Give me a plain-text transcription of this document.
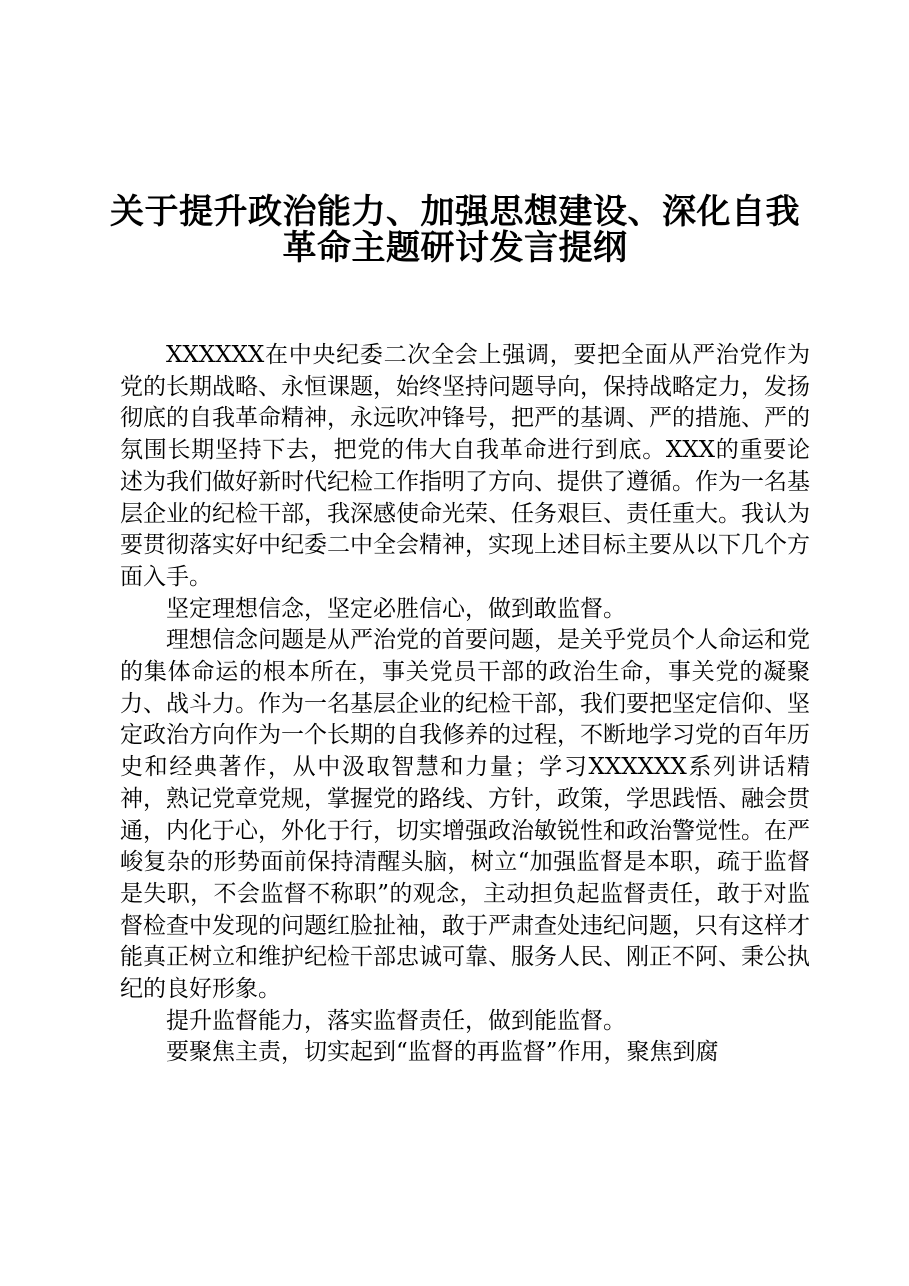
关于提升政治能力、加强思想建设、深化自我
革命主题研讨发言提纲

XXXXXX在中央纪委二次全会上强调，要把全面从严治党作为党的长期战略、永恒课题，始终坚持问题导向，保持战略定力，发扬彻底的自我革命精神，永远吹冲锋号，把严的基调、严的措施、严的氛围长期坚持下去，把党的伟大自我革命进行到底。XXX的重要论述为我们做好新时代纪检工作指明了方向、提供了遵循。作为一名基层企业的纪检干部，我深感使命光荣、任务艰巨、责任重大。我认为要贯彻落实好中纪委二中全会精神，实现上述目标主要从以下几个方面入手。

坚定理想信念，坚定必胜信心，做到敢监督。

理想信念问题是从严治党的首要问题，是关乎党员个人命运和党的集体命运的根本所在，事关党员干部的政治生命，事关党的凝聚力、战斗力。作为一名基层企业的纪检干部，我们要把坚定信仰、坚定政治方向作为一个长期的自我修养的过程，不断地学习党的百年历史和经典著作，从中汲取智慧和力量；学习XXXXXX系列讲话精神，熟记党章党规，掌握党的路线、方针，政策，学思践悟、融会贯通，内化于心，外化于行，切实增强政治敏锐性和政治警觉性。在严峻复杂的形势面前保持清醒头脑，树立“加强监督是本职，疏于监督是失职，不会监督不称职”的观念，主动担负起监督责任，敢于对监督检查中发现的问题红脸扯袖，敢于严肃查处违纪问题，只有这样才能真正树立和维护纪检干部忠诚可靠、服务人民、刚正不阿、秉公执纪的良好形象。

提升监督能力，落实监督责任，做到能监督。

要聚焦主责，切实起到“监督的再监督”作用，聚焦到腐
